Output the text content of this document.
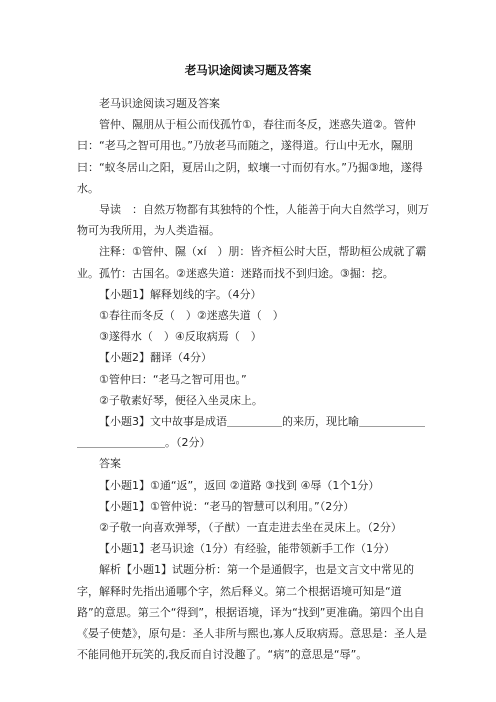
老马识途阅读习题及答案

老马识途阅读习题及答案

管仲、隰朋从于桓公而伐孤竹①，春往而冬反，迷惑失道②。管仲曰：“老马之智可用也。”乃放老马而随之，遂得道。行山中无水，隰朋曰：“蚁冬居山之阳，夏居山之阴，蚁壤一寸而仞有水。”乃掘③地，遂得水。

导读　：自然万物都有其独特的个性，人能善于向大自然学习，则万物可为我所用，为人类造福。

注释：①管仲、隰（xí　）朋：皆齐桓公时大臣，帮助桓公成就了霸业。孤竹：古国名。②迷惑失道：迷路而找不到归途。③掘：挖。

【小题1】解释划线的字。（4分）

①春往而冬反（　）②迷惑失道（　）

③遂得水（　）④反取病焉（　）

【小题2】翻译（4分）

①管仲曰：“老马之智可用也。”

②子敬素好琴，便径入坐灵床上。

【小题3】文中故事是成语＿＿＿＿＿的来历，现比喻＿＿＿＿＿＿＿＿＿＿＿＿＿＿。（2分）

答案

【小题1】①通“返”，返回 ②道路 ③找到 ④辱（1个1分）

【小题1】①管仲说：“老马的智慧可以利用。”（2分）

②子敬一向喜欢弹琴，（子猷）一直走进去坐在灵床上。（2分）

【小题1】老马识途（1分）有经验，能带领新手工作（1分）

解析【小题1】试题分析：第一个是通假字，也是文言文中常见的字，解释时先指出通哪个字，然后释义。第二个根据语境可知是“道路”的意思。第三个“得到”，根据语境，译为“找到”更准确。第四个出自《晏子使楚》，原句是：圣人非所与熙也,寡人反取病焉。意思是：圣人是不能同他开玩笑的,我反而自讨没趣了。“病”的意思是“辱”。
